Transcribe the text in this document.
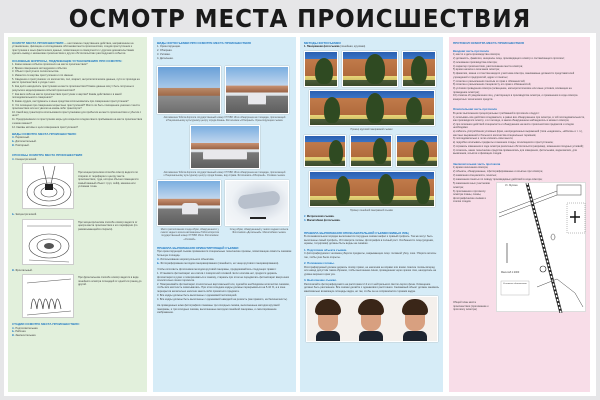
ОСМОТР МЕСТА ПРОИСШЕСТВИЯ
ОСМОТР МЕСТА ПРОИСШЕСТВИЯ — неотложное следственное действие, направленное на установление, фиксацию и исследование обстановки места происшествия, следов преступления и преступника и иных фактических данных, позволяющих в совокупности с другими доказательствами сделать вывод о механизме происшествия и других обстоятельствах расследуемого события.
ОСНОВНЫЕ ВОПРОСЫ, ПОДЛЕЖАЩИЕ УСТАНОВЛЕНИЮ ПРИ ОСМОТРЕ:
1. Какое именно событие произошло на месте происшествия?
2. Время совершения исследуемого события.
3. Объект преступного посягательства.
4. Имеются ли жертвы преступления и кто именно.
5. Сведения о преступниках: их количество, пол, возраст, антропологические данные, пути их прихода на место происшествия и ухода с него.
6. Как долго находились преступники на месте происшествия? Какие данные могут быть получены в результате моделирования событий происшествия?
7. Как вели себя на месте происшествия преступник и жертва? Каким действиям и в какой последовательности совершали?
8. Какие орудия, инструменты и иные средства использовались при совершении преступления?
9. Что похищено при совершении корыстных преступлений? Могло ли быть похищенное унесено с места происшествия или его увезли на каком-либо транспорте?
10. Какой вид транспорта использовался преступниками для прибытия на место происшествия и убытия с него?
11. Предпринимали ли преступники меры для сокрытия следов своего пребывания на месте происшествия и какие именно?
12. Каковы мотивы и цели совершения преступления?
ВИДЫ ОСМОТРА МЕСТА ПРОИСШЕСТВИЯ:
А. Первичный.
Б. Дополнительный.
В. Повторный.
СПОСОБЫ ОСМОТРА МЕСТА ПРОИСШЕСТВИЯ
А. Концентрический.
При концентрическом способе осмотр ведется по спирали от периферии к центру места происшествия, туда, которое обычно помещается самый важный объект: труп, сейф, машина или условная точка.
Б. Эксцентрический.
При эксцентрическом способе осмотр ведется от центра места происшествия к его периферии (по разматывающейся спирали).
В. Фронтальный.
При фронтальном способе осмотр ведется в виде линейного осмотра площадей от одной из границ до другой.
СТАДИИ ОСМОТРА МЕСТА ПРОИСШЕСТВИЯ:
А. Подготовительная.
Б. Рабочая.
В. Заключительная.
ВИДЫ ФОТОСЪЕМКИ ПРИ ОСМОТРЕ МЕСТА ПРОИСШЕСТВИЯ
1. Ориентирующая.
2. Обзорная.
3. Узловая.
4. Детальная.
Автомашина Тойота-Королла государственный номер Х770ВХ 16rus обнаружена на площадке, прилегающей к Национальному культурному центру города Казань. Фотоснимок «Обзорный». Ориентирующая съемка.
Автомашина Тойота-Королла государственный номер Х770ВХ 16rus обнаружена на площадке, прилегающей к Национальному культурному центру города Казань, вид справа. Фотоснимок «Обзорный». Узловая съемка.
Место расположения следа обуви, обнаруженного у левого заднего колеса автомашины Тойота-Королла государственный номер Х770ВХ 16rus. Фотоснимок «Узловой».
След обуви, обнаруженный у левого заднего колеса. Фотоснимок «Детальный». Масштабная съемка.
ПРАВИЛА ВЫПОЛНЕНИЯ ОРИЕНТИРУЮЩЕЙ СЪЕМКИ
При ориентирующей съемке применяются специальные технические приемы, позволяющие охватить снимком большую площадь:
А. Использование широкоугольного объектива.
Б. Фотографирование методом панорамирования (линейного, но чаще кругового панорамирования).
Чтобы изготовить фотоснимок методом круговой панорамы, придерживайтесь следующих правил:
1. Установите фотоаппарат на штатив с поворотной головкой. Если штатива нет, придется держать фотоаппарат в руках и поворачиваться к самому, стараясь при этом не передвигать фотоаппарат вверх-вниз относительно линии горизонта.
2. Поворачивайте фотоаппарат относительно вертикальной оси, сделайте необходимое количество снимков, чтобы вся местность охватывалась. При этом соседние кадры должны перекрываться на 5-10 %, а в зоне перекрытия желательно наличие какого-либо приметного предмета.
3. Все кадры должны быть выполнены с одинаковой экспозицией.
4. Все кадры должны быть выполнены с одинаковой наводкой на резкость (как правило, на бесконечность).
На приведенных ниже фотографиях показаны три исходных снимка, выполненные методом круговой панорамы, и три исходных снимка, выполненные методом линейной панорамы, и смонтированное изображение.
МЕТОДЫ ФОТОСЪЕМКИ
1. Панорамная фотосъемка (линейная, круговая)
Пример круговой панорамной съемки
Пример линейной панорамной съемки
2. Метрическая съемка.
3. Масштабная фотосъемка.
ПРАВИЛА ВЫПОЛНЕНИЯ ОПОЗНАВАТЕЛЬНОЙ СЪЕМКИ ЖИВЫХ ЛИЦ
В опознавательном порядке выполняются погрудные снимки анфас и правый профиль. Так же могут быть выполнены левый профиль, 3/4 поворота головы, фотография в полный рост. Особенности лица (родинки, шрамы, татуировки) должны быть видны на снимках.
1. Подготовка объекта съемки.
С фотографируемого человека уберите предметы, закрывающие лицо: головной убор, очки. Уберите волосы так, чтобы уши были открыты.
2. Положение головы.
Фотографируемый должен держать голову прямо, не наклоняя ее вправо или влево. Наклон головы вперед или назад допустим таким образом, чтобы мысленная линия, проведенная через зрачки глаз, находилась на уровне верхнего края уха.
3. Выполнение съемки.
Располагайте фотографируемого на расстоянии 2-3 м от нейтрального светло-серого фона. Освещение должно быть рассеянное. Все снимки делайте с одинакового расстояния. Снимаемый объект должен занимать максимально возможную площадь кадра, но так, чтобы он не соприкасался с краями кадра.
ПРОТОКОЛ ОСМОТРА МЕСТА ПРОИСШЕСТВИЯ
Вводная часть протокола
1) место и дата производства осмотра;
2) должность, фамилия, инициалы лица, производящего осмотр и составляющего протокол;
3) основание производства осмотра;
4) характер происшествия, расположение места осмотра;
5) время начала и окончания осмотра;
6) фамилии, имена и отчества каждого участника осмотра, занимаемые должности представителей учреждений и предприятий, адрес и понятых;
7) отметка о разъяснении понятым их прав и обязанностей;
8) отметка о разъяснении специалисту его прав и обязанностей;
9) условия проведения осмотра (освещение, метеорологические или иные условия, влияющие на проведение осмотра);
10) отметка об уведомлении лиц, участвующих в производстве осмотра, о применении в ходе осмотра конкретных технических средств.
Описательная часть протокола
В целях выполнения процессуальных требований в протоколе следует:
1) описывать все действия следователя, а равно все обнаруженное при осмотре, в той последовательности, как производился осмотр, и в том виде, в каком обнаруженное наблюдалось в момент осмотра;
2) при описании действий специалиста и обнаружения на месте происшествия предметов и следов необходимо:
а) избегать употребления условных фраз, неопределенных выражений (типа «недалеко», «вблизи» и т. п.), местных выражений и большого количества специальных терминов;
б) последовательно и четко излагать свои мысли;
в) подробно описывать предметы и внешние следы, относящиеся к преступлению;
3) отражать изменения в ходе осмотра различных обстоятельств (например, изменения погодных условий);
4) отмечать, какие технические средства применялись для измерения, фотосъемки, видеозаписи, для выявления, изъятия и фиксации следов.
Заключительная часть протокола
1) время окончания осмотра;
2) объекты, обнаруженные, сфотографированные и изъятые при осмотре;
3) заявления специалиста, понятых;
4) замечания понятых по поводу производимых действий в ходе осмотра;
5) замечания иных участников осмотра;
6) приложения к протоколу осмотра планы, схемы, фотографические снимки и слепки следов.
Общий план места происшествия (приложение к протоколу осмотра)
Ул. Мусина
Масштаб 1:2000
Условные обозначения
